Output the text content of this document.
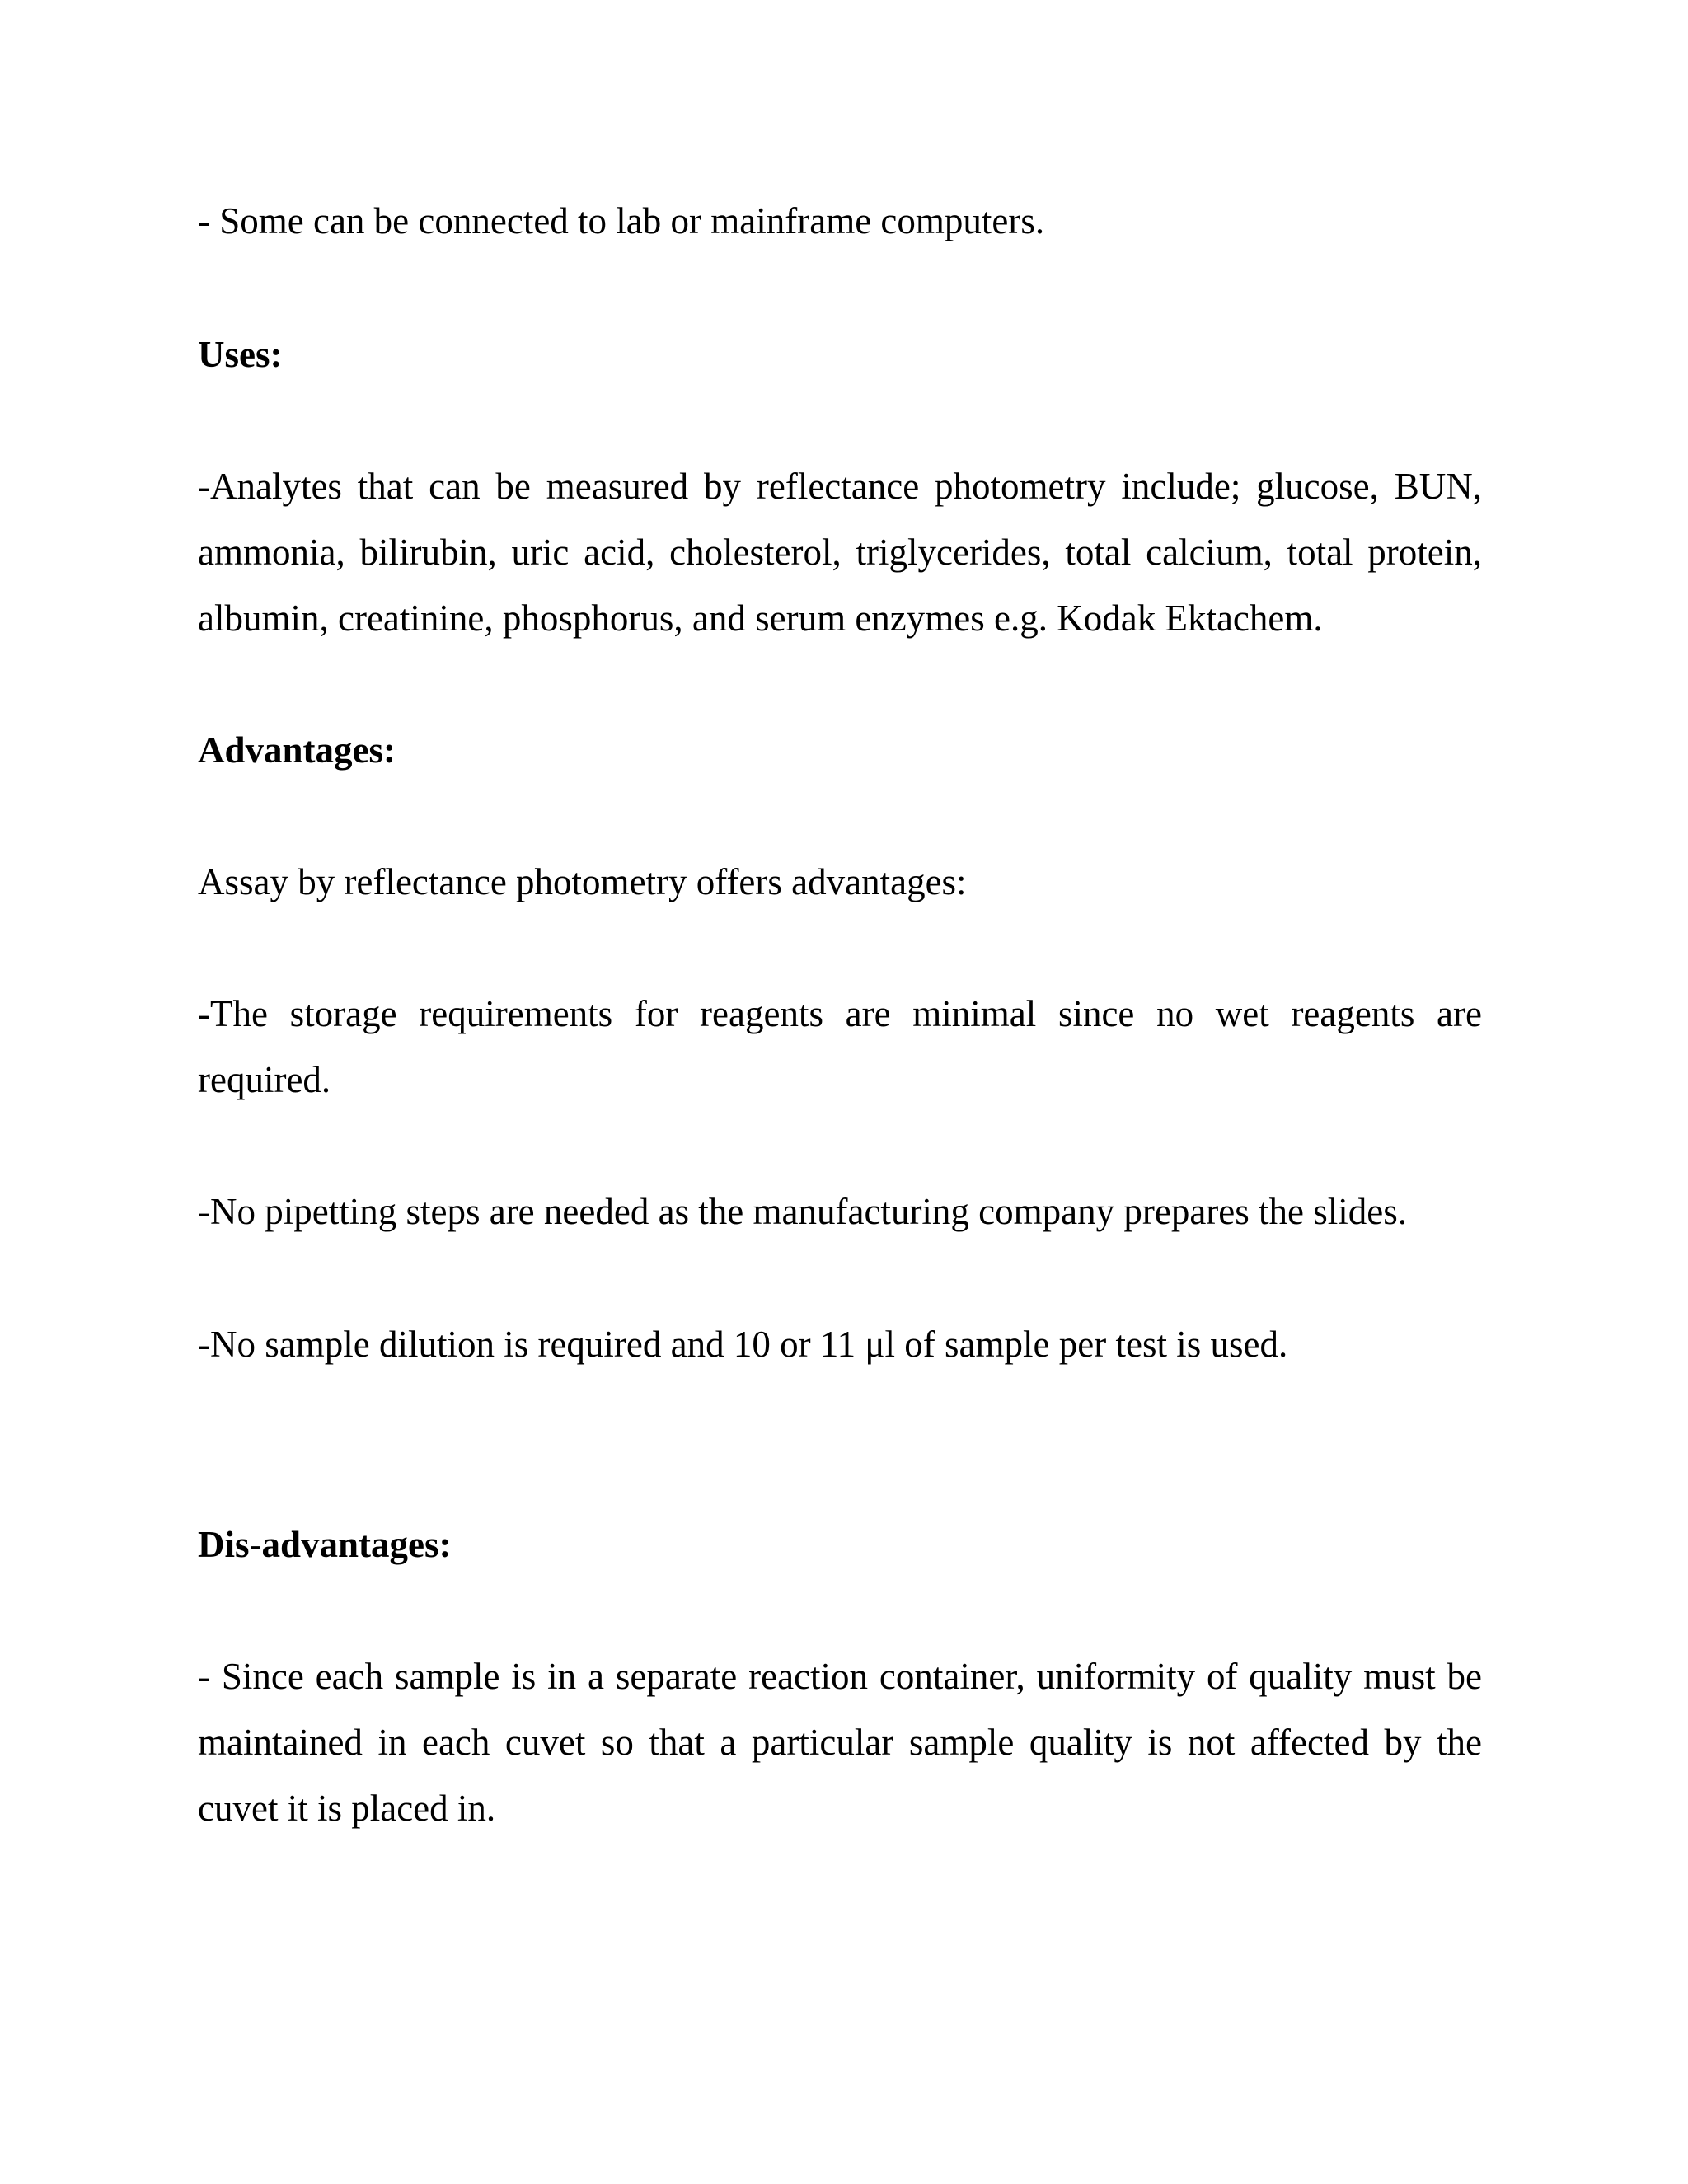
- Some can be connected to lab or mainframe computers.

Uses:

-Analytes that can be measured by reflectance photometry include; glucose, BUN, ammonia, bilirubin, uric acid, cholesterol, triglycerides, total calcium, total protein, albumin, creatinine, phosphorus, and serum enzymes e.g. Kodak Ektachem.

Advantages:

Assay by reflectance photometry offers advantages:

-The storage requirements for reagents are minimal since no wet reagents are required.

-No pipetting steps are needed as the manufacturing company prepares the slides.

-No sample dilution is required and 10 or 11 μl of sample per test is used.

Dis-advantages:

- Since each sample is in a separate reaction container, uniformity of quality must be maintained in each cuvet so that a particular sample quality is not affected by the cuvet it is placed in.
